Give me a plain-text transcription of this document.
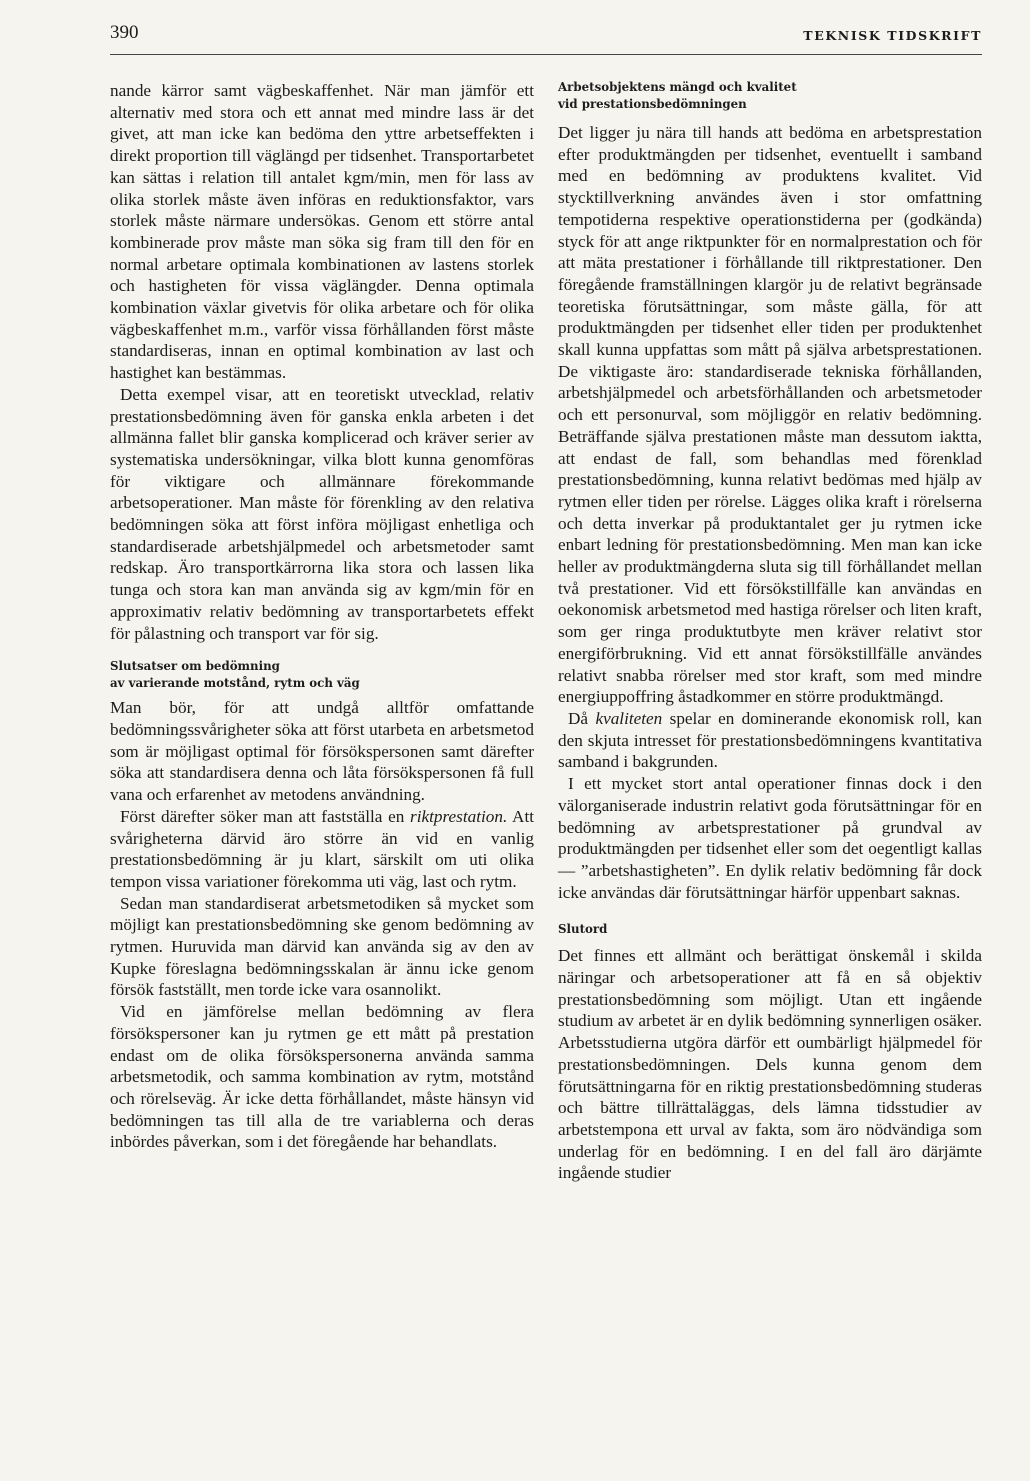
390	TEKNISK TIDSKRIFT

nande kärror samt vägbeskaffenhet. När man jämför ett alternativ med stora och ett annat med mindre lass är det givet, att man icke kan bedöma den yttre arbetseffekten i direkt proportion till väglängd per tidsenhet. Transportarbetet kan sättas i relation till antalet kgm/min, men för lass av olika storlek måste även införas en reduktionsfaktor, vars storlek måste närmare undersökas. Genom ett större antal kombinerade prov måste man söka sig fram till den för en normal arbetare optimala kombinationen av lastens storlek och hastigheten för vissa väglängder. Denna optimala kombination växlar givetvis för olika arbetare och för olika vägbeskaffenhet m.m., varför vissa förhållanden först måste standardiseras, innan en optimal kombination av last och hastighet kan bestämmas.

Detta exempel visar, att en teoretiskt utvecklad, relativ prestationsbedömning även för ganska enkla arbeten i det allmänna fallet blir ganska komplicerad och kräver serier av systematiska undersökningar, vilka blott kunna genomföras för viktigare och allmännare förekommande arbetsoperationer. Man måste för förenkling av den relativa bedömningen söka att först införa möjligast enhetliga och standardiserade arbetshjälpmedel och arbetsmetoder samt redskap. Äro transportkärrorna lika stora och lassen lika tunga och stora kan man använda sig av kgm/min för en approximativ relativ bedömning av transportarbetets effekt för pålastning och transport var för sig.

Slutsatser om bedömning
av varierande motstånd, rytm och väg

Man bör, för att undgå alltför omfattande bedömningssvårigheter söka att först utarbeta en arbetsmetod som är möjligast optimal för försökspersonen samt därefter söka att standardisera denna och låta försökspersonen få full vana och erfarenhet av metodens användning.

Först därefter söker man att fastställa en riktprestation. Att svårigheterna därvid äro större än vid en vanlig prestationsbedömning är ju klart, särskilt om uti olika tempon vissa variationer förekomma uti väg, last och rytm.

Sedan man standardiserat arbetsmetodiken så mycket som möjligt kan prestationsbedömning ske genom bedömning av rytmen. Huruvida man därvid kan använda sig av den av Kupke föreslagna bedömningsskalan är ännu icke genom försök fastställt, men torde icke vara osannolikt.

Vid en jämförelse mellan bedömning av flera försökspersoner kan ju rytmen ge ett mått på prestation endast om de olika försökspersonerna använda samma arbetsmetodik, och samma kombination av rytm, motstånd och rörelseväg. Är icke detta förhållandet, måste hänsyn vid bedömningen tas till alla de tre variablerna och deras inbördes påverkan, som i det föregående har behandlats.

Arbetsobjektens mängd och kvalitet
vid prestationsbedömningen

Det ligger ju nära till hands att bedöma en arbetsprestation efter produktmängden per tidsenhet, eventuellt i samband med en bedömning av produktens kvalitet. Vid stycktillverkning användes även i stor omfattning tempotiderna respektive operationstiderna per (godkända) styck för att ange riktpunkter för en normalprestation och för att mäta prestationer i förhållande till riktprestationer. Den föregående framställningen klargör ju de relativt begränsade teoretiska förutsättningar, som måste gälla, för att produktmängden per tidsenhet eller tiden per produktenhet skall kunna uppfattas som mått på själva arbetsprestationen. De viktigaste äro: standardiserade tekniska förhållanden, arbetshjälpmedel och arbetsförhållanden och arbetsmetoder och ett personurval, som möjliggör en relativ bedömning. Beträffande själva prestationen måste man dessutom iaktta, att endast de fall, som behandlas med förenklad prestationsbedömning, kunna relativt bedömas med hjälp av rytmen eller tiden per rörelse. Lägges olika kraft i rörelserna och detta inverkar på produktantalet ger ju rytmen icke enbart ledning för prestationsbedömning. Men man kan icke heller av produktmängderna sluta sig till förhållandet mellan två prestationer. Vid ett försökstillfälle kan användas en oekonomisk arbetsmetod med hastiga rörelser och liten kraft, som ger ringa produktutbyte men kräver relativt stor energiförbrukning. Vid ett annat försökstillfälle användes relativt snabba rörelser med stor kraft, som med mindre energiuppoffring åstadkommer en större produktmängd.

Då kvaliteten spelar en dominerande ekonomisk roll, kan den skjuta intresset för prestationsbedömningens kvantitativa samband i bakgrunden.

I ett mycket stort antal operationer finnas dock i den välorganiserade industrin relativt goda förutsättningar för en bedömning av arbetsprestationer på grundval av produktmängden per tidsenhet eller som det oegentligt kallas — ”arbetshastigheten”. En dylik relativ bedömning får dock icke användas där förutsättningar härför uppenbart saknas.

Slutord

Det finnes ett allmänt och berättigat önskemål i skilda näringar och arbetsoperationer att få en så objektiv prestationsbedömning som möjligt. Utan ett ingående studium av arbetet är en dylik bedömning synnerligen osäker. Arbetsstudierna utgöra därför ett oumbärligt hjälpmedel för prestationsbedömningen. Dels kunna genom dem förutsättningarna för en riktig prestationsbedömning studeras och bättre tillrättaläggas, dels lämna tidsstudier av arbetstempona ett urval av fakta, som äro nödvändiga som underlag för en bedömning. I en del fall äro därjämte ingående studier
